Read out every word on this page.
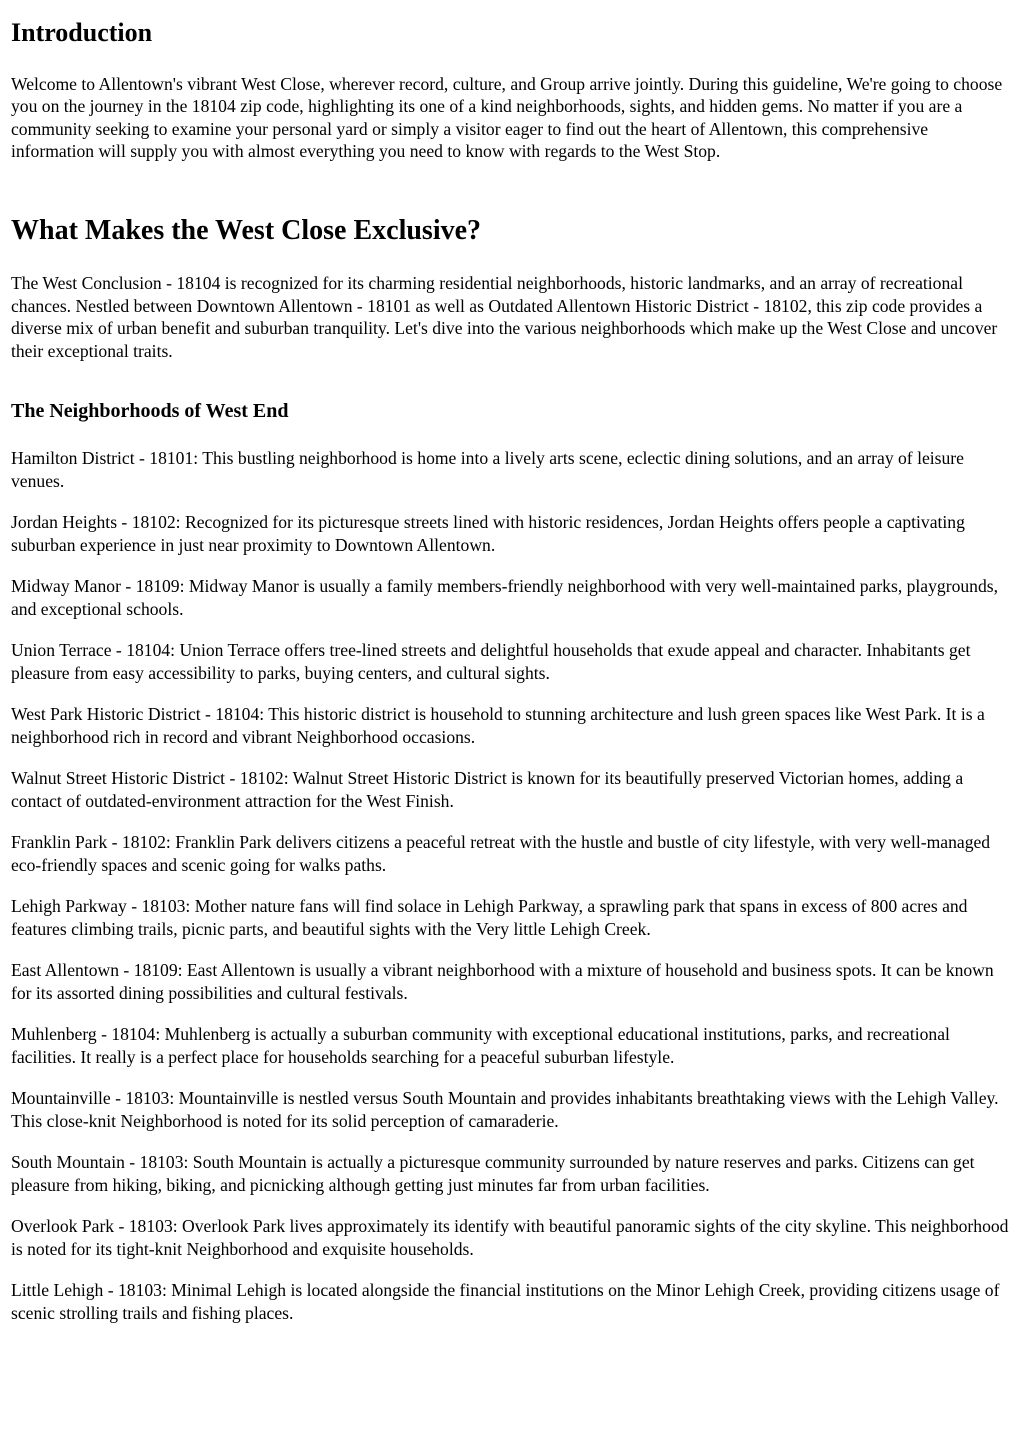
Introduction

Welcome to Allentown's vibrant West Close, wherever record, culture, and Group arrive jointly. During this guideline, We're going to choose you on the journey in the 18104 zip code, highlighting its one of a kind neighborhoods, sights, and hidden gems. No matter if you are a community seeking to examine your personal yard or simply a visitor eager to find out the heart of Allentown, this comprehensive information will supply you with almost everything you need to know with regards to the West Stop.

What Makes the West Close Exclusive?

The West Conclusion - 18104 is recognized for its charming residential neighborhoods, historic landmarks, and an array of recreational chances. Nestled between Downtown Allentown - 18101 as well as Outdated Allentown Historic District - 18102, this zip code provides a diverse mix of urban benefit and suburban tranquility. Let's dive into the various neighborhoods which make up the West Close and uncover their exceptional traits.

The Neighborhoods of West End

Hamilton District - 18101: This bustling neighborhood is home into a lively arts scene, eclectic dining solutions, and an array of leisure venues.

Jordan Heights - 18102: Recognized for its picturesque streets lined with historic residences, Jordan Heights offers people a captivating suburban experience in just near proximity to Downtown Allentown.

Midway Manor - 18109: Midway Manor is usually a family members-friendly neighborhood with very well-maintained parks, playgrounds, and exceptional schools.

Union Terrace - 18104: Union Terrace offers tree-lined streets and delightful households that exude appeal and character. Inhabitants get pleasure from easy accessibility to parks, buying centers, and cultural sights.

West Park Historic District - 18104: This historic district is household to stunning architecture and lush green spaces like West Park. It is a neighborhood rich in record and vibrant Neighborhood occasions.

Walnut Street Historic District - 18102: Walnut Street Historic District is known for its beautifully preserved Victorian homes, adding a contact of outdated-environment attraction for the West Finish.

Franklin Park - 18102: Franklin Park delivers citizens a peaceful retreat with the hustle and bustle of city lifestyle, with very well-managed eco-friendly spaces and scenic going for walks paths.

Lehigh Parkway - 18103: Mother nature fans will find solace in Lehigh Parkway, a sprawling park that spans in excess of 800 acres and features climbing trails, picnic parts, and beautiful sights with the Very little Lehigh Creek.

East Allentown - 18109: East Allentown is usually a vibrant neighborhood with a mixture of household and business spots. It can be known for its assorted dining possibilities and cultural festivals.

Muhlenberg - 18104: Muhlenberg is actually a suburban community with exceptional educational institutions, parks, and recreational facilities. It really is a perfect place for households searching for a peaceful suburban lifestyle.

Mountainville - 18103: Mountainville is nestled versus South Mountain and provides inhabitants breathtaking views with the Lehigh Valley. This close-knit Neighborhood is noted for its solid perception of camaraderie.

South Mountain - 18103: South Mountain is actually a picturesque community surrounded by nature reserves and parks. Citizens can get pleasure from hiking, biking, and picnicking although getting just minutes far from urban facilities.

Overlook Park - 18103: Overlook Park lives approximately its identify with beautiful panoramic sights of the city skyline. This neighborhood is noted for its tight-knit Neighborhood and exquisite households.

Little Lehigh - 18103: Minimal Lehigh is located alongside the financial institutions on the Minor Lehigh Creek, providing citizens usage of scenic strolling trails and fishing places.
